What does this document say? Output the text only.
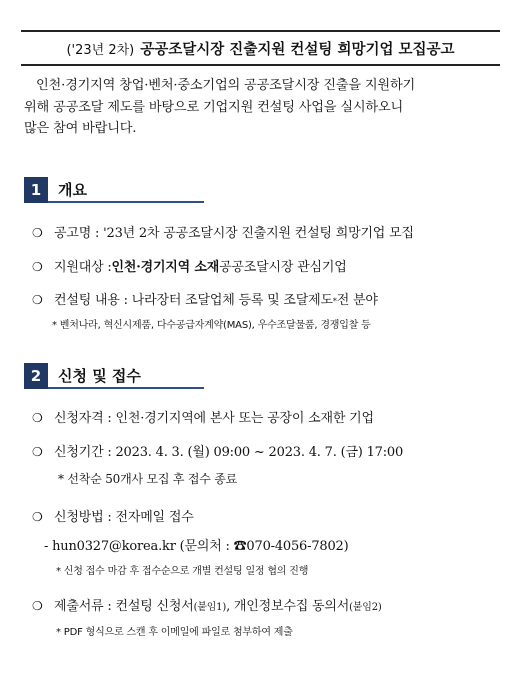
('23년 2차) 공공조달시장 진출지원 컨설팅 희망기업 모집공고

인천·경기지역 창업·벤처·중소기업의 공공조달시장 진출을 지원하기

위해 공공조달 제도를 바탕으로 기업지원 컨설팅 사업을 실시하오니

많은 참여 바랍니다.

1	개요
❍ 공고명 : '23년 2차 공공조달시장 진출지원 컨설팅 희망기업 모집
❍ 지원대상 : 인천·경기지역 소재 공공조달시장 관심기업
❍ 컨설팅 내용 : 나라장터 조달업체 등록 및 조달제도$_*$ 전 분야
* 벤처나라, 혁신시제품, 다수공급자계약(MAS), 우수조달물품, 경쟁입찰 등
2	신청 및 접수
❍ 신청자격 : 인천·경기지역에 본사 또는 공장이 소재한 기업
❍ 신청기간 : 2023. 4. 3. (월) 09:00 ~ 2023. 4. 7. (금) 17:00
* 선착순 50개사 모집 후 접수 종료
❍ 신청방법 : 전자메일 접수
- hun0327@korea.kr (문의처 : ☎070-4056-7802)
* 신청 접수 마감 후 접수순으로 개별 컨설팅 일정 협의 진행
❍ 제출서류 : 컨설팅 신청서 (붙임1) , 개인정보수집 동의서 (붙임2)
* PDF 형식으로 스캔 후 이메일에 파일로 첨부하여 제출
